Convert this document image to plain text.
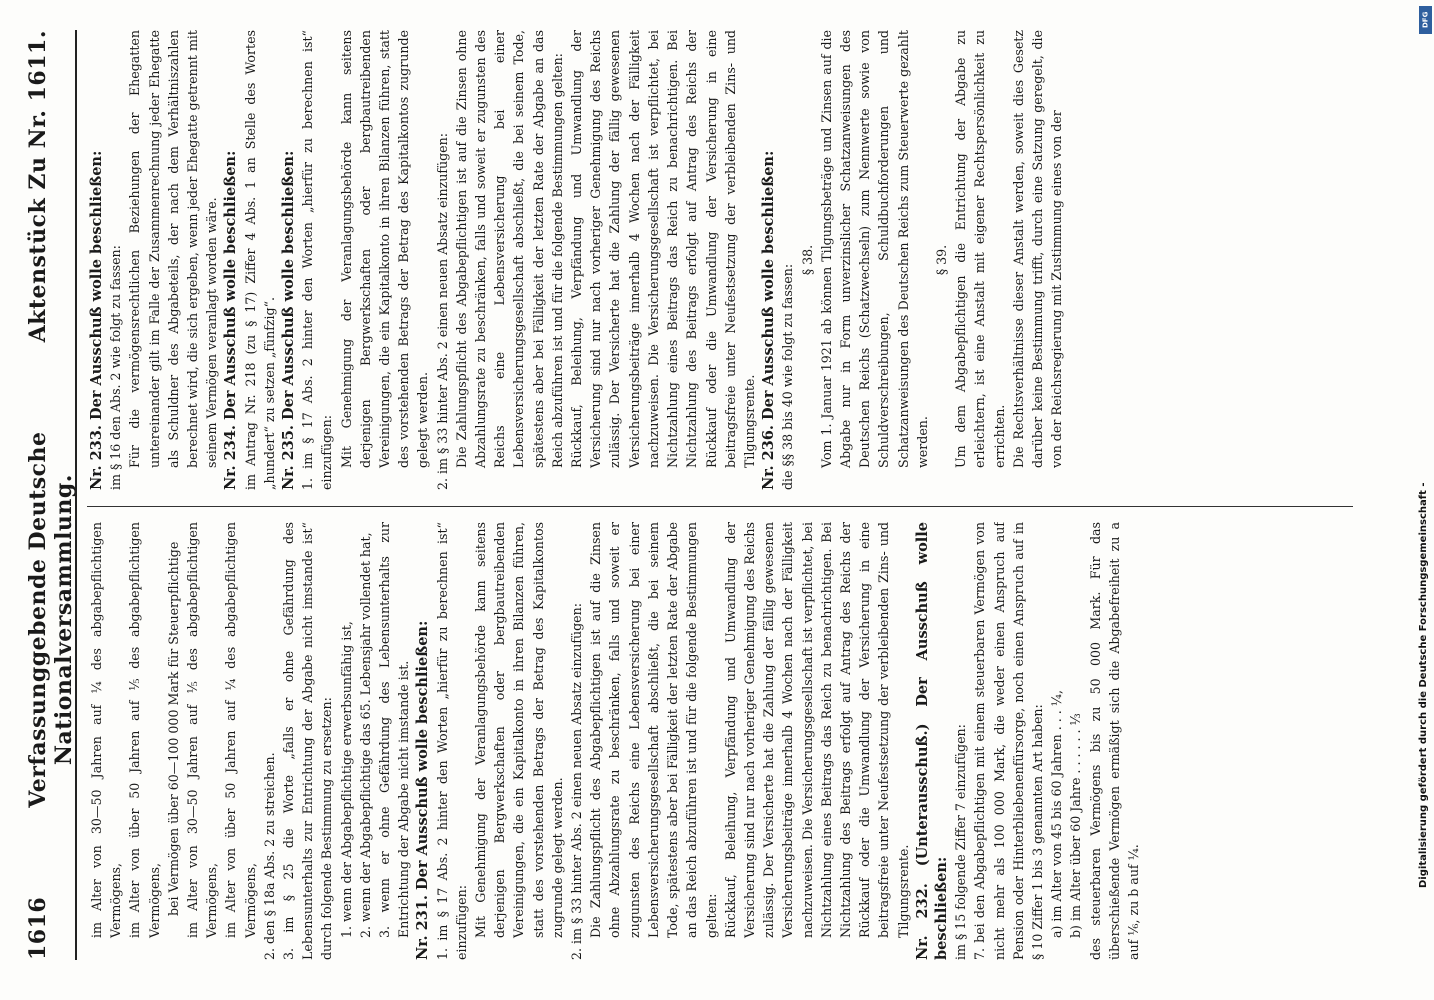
1616
Verfassunggebende Deutsche Nationalversammlung.
Aktenstück Zu Nr. 1611.

im Alter von 30—50 Jahren auf ¼ des abgabepflichtigen Vermögens, im Alter von über 50 Jahren auf ⅕ des abgabepflichtigen Vermögens, bei Vermögen über 60—100 000 Mark für Steuerpflichtige im Alter von 30—50 Jahren auf ⅕ des abgabepflichtigen Vermögens, im Alter von über 50 Jahren auf ¼ des abgabepflichtigen Vermögens, 2. den § 18a Abs. 2 zu streichen. 3. im § 25 die Worte „falls er ohne Gefährdung des Lebensunterhalts zur Entrichtung der Abgabe nicht imstande ist“ durch folgende Bestimmung zu ersetzen: 1. wenn der Abgabepflichtige erwerbsunfähig ist, 2. wenn der Abgabepflichtige das 65. Lebensjahr vollendet hat, 3. wenn er ohne Gefährdung des Lebensunterhalts zur Entrichtung der Abgabe nicht imstande ist. Nr. 231. Der Ausschuß wolle beschließen: 1. im § 17 Abs. 2 hinter den Worten „hierfür zu berechnen ist“ einzufügen: Mit Genehmigung der Veranlagungsbehörde kann seitens derjenigen Bergwerkschaften oder bergbautreibenden Vereinigungen, die ein Kapitalkonto in ihren Bilanzen führen, statt des vorstehenden Betrags der Betrag des Kapitalkontos zugrunde gelegt werden. 2. im § 33 hinter Abs. 2 einen neuen Absatz einzufügen: Die Zahlungspflicht des Abgabepflichtigen ist auf die Zinsen ohne Abzahlungsrate zu beschränken, falls und soweit er zugunsten des Reichs eine Lebensversicherung bei einer Lebensversicherungsgesellschaft abschließt, die bei seinem Tode, spätestens aber bei Fälligkeit der letzten Rate der Abgabe an das Reich abzuführen ist und für die folgende Bestimmungen gelten: Rückkauf, Beleihung, Verpfändung und Umwandlung der Versicherung sind nur nach vorheriger Genehmigung des Reichs zulässig. Der Versicherte hat die Zahlung der fällig gewesenen Versicherungsbeiträge innerhalb 4 Wochen nach der Fälligkeit nachzuweisen. Die Versicherungsgesellschaft ist verpflichtet, bei Nichtzahlung eines Beitrags das Reich zu benachrichtigen. Bei Nichtzahlung des Beitrags erfolgt auf Antrag des Reichs der Rückkauf oder die Umwandlung der Versicherung in eine beitragsfreie unter Neufestsetzung der verbleibenden Zins- und Tilgungsrente. Nr. 232. (Unterausschuß.) Der Ausschuß wolle beschließen: im § 15 folgende Ziffer 7 einzufügen: 7. bei den Abgabepflichtigen mit einem steuerbaren Vermögen von nicht mehr als 100 000 Mark, die weder einen Anspruch auf Pension oder Hinterbliebenenfürsorge, noch einen Anspruch auf in § 10 Ziffer 1 bis 3 genannten Art haben: a) im Alter von 45 bis 60 Jahren . . . ¼, b) im Alter über 60 Jahre . . . . . . ⅓ des steuerbaren Vermögens bis zu 50 000 Mark. Für das überschießende Vermögen ermäßigt sich die Abgabefreiheit zu a auf ⅙, zu b auf ¼.

Nr. 233. Der Ausschuß wolle beschließen: im § 16 den Abs. 2 wie folgt zu fassen: Für die vermögensrechtlichen Beziehungen der Ehegatten untereinander gilt im Falle der Zusammenrechnung jeder Ehegatte als Schuldner des Abgabeteils, der nach dem Verhältniszahlen berechnet wird, die sich ergeben, wenn jeder Ehegatte getrennt mit seinem Vermögen veranlagt worden wäre. Nr. 234. Der Ausschuß wolle beschließen: im Antrag Nr. 218 (zu § 17) Ziffer 4 Abs. 1 an Stelle des Wortes „hundert“ zu setzen „fünfzig“. Nr. 235. Der Ausschuß wolle beschließen: 1. im § 17 Abs. 2 hinter den Worten „hierfür zu berechnen ist“ einzufügen: Mit Genehmigung der Veranlagungsbehörde kann seitens derjenigen Bergwerkschaften oder bergbautreibenden Vereinigungen, die ein Kapitalkonto in ihren Bilanzen führen, statt des vorstehenden Betrags der Betrag des Kapitalkontos zugrunde gelegt werden. 2. im § 33 hinter Abs. 2 einen neuen Absatz einzufügen: Die Zahlungspflicht des Abgabepflichtigen ist auf die Zinsen ohne Abzahlungsrate zu beschränken, falls und soweit er zugunsten des Reichs eine Lebensversicherung bei einer Lebensversicherungsgesellschaft abschließt, die bei seinem Tode, spätestens aber bei Fälligkeit der letzten Rate der Abgabe an das Reich abzuführen ist und für die folgende Bestimmungen gelten: Rückkauf, Beleihung, Verpfändung und Umwandlung der Versicherung sind nur nach vorheriger Genehmigung des Reichs zulässig. Der Versicherte hat die Zahlung der fällig gewesenen Versicherungsbeiträge innerhalb 4 Wochen nach der Fälligkeit nachzuweisen. Die Versicherungsgesellschaft ist verpflichtet, bei Nichtzahlung eines Beitrags das Reich zu benachrichtigen. Bei Nichtzahlung des Beitrags erfolgt auf Antrag des Reichs der Rückkauf oder die Umwandlung der Versicherung in eine beitragsfreie unter Neufestsetzung der verbleibenden Zins- und Tilgungsrente. Nr. 236. Der Ausschuß wolle beschließen: die §§ 38 bis 40 wie folgt zu fassen:

§ 38. Vom 1. Januar 1921 ab können Tilgungsbeträge und Zinsen auf die Abgabe nur in Form unverzinslicher Schatzanweisungen des Deutschen Reichs (Schatzwechseln) zum Nennwerte sowie von Schuldverschreibungen, Schuldbuchforderungen und Schatzanweisungen des Deutschen Reichs zum Steuerwerte gezahlt werden.

§ 39. Um dem Abgabepflichtigen die Entrichtung der Abgabe zu erleichtern, ist eine Anstalt mit eigener Rechtspersönlichkeit zu errichten. Die Rechtsverhältnisse dieser Anstalt werden, soweit dies Gesetz darüber keine Bestimmung trifft, durch eine Satzung geregelt, die von der Reichsregierung mit Zustimmung eines von der

DFG
Digitalisierung gefördert durch die Deutsche Forschungsgemeinschaft -
